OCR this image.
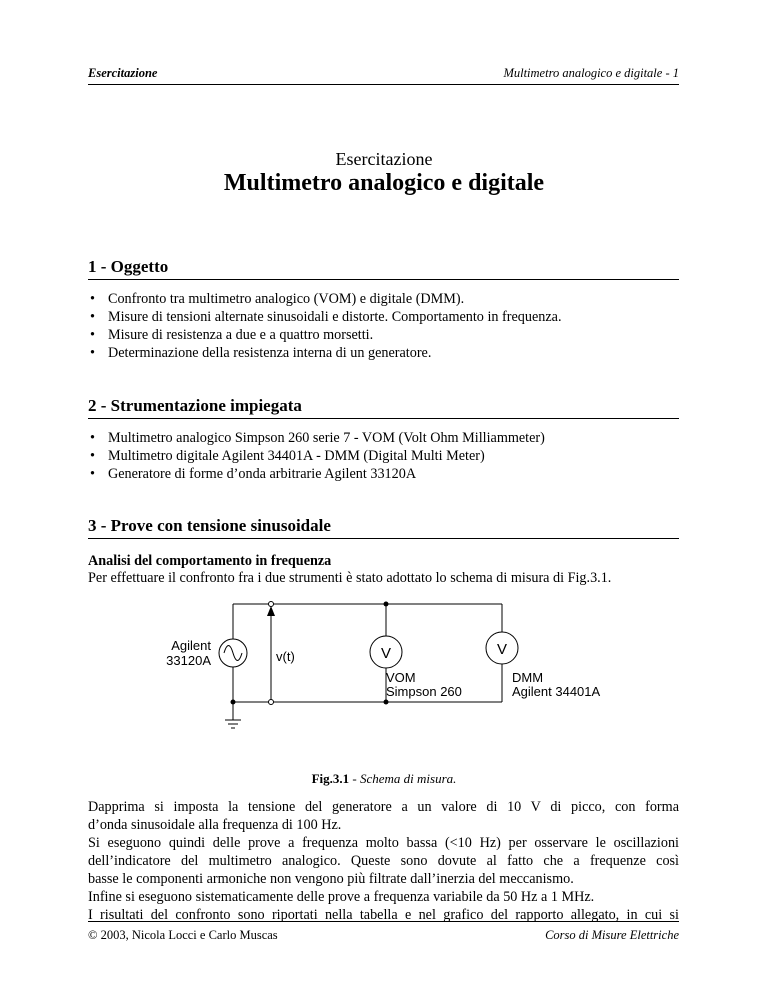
Esercitazione	Multimetro analogico e digitale - 1
Esercitazione
Multimetro analogico e digitale
1 - Oggetto
• Confronto tra multimetro analogico (VOM) e digitale (DMM).
• Misure di tensioni alternate sinusoidali e distorte. Comportamento in frequenza.
• Misure di resistenza a due e a quattro morsetti.
• Determinazione della resistenza interna di un generatore.
2 - Strumentazione impiegata
• Multimetro analogico Simpson 260 serie 7 - VOM (Volt Ohm Milliammeter)
• Multimetro digitale Agilent 34401A - DMM (Digital Multi Meter)
• Generatore di forme d’onda arbitrarie Agilent 33120A
3 - Prove con tensione sinusoidale
Analisi del comportamento in frequenza
Per effettuare il confronto fra i due strumenti è stato adottato lo schema di misura di Fig.3.1.
V	V
Agilent
33120A	v(t)
VOM
Simpson 260
DMM
Agilent 34401A
Fig.3.1 - Schema di misura.
Dapprima si imposta la tensione del generatore a un valore di 10 V di picco, con forma
d’onda sinusoidale alla frequenza di 100 Hz.
Si eseguono quindi delle prove a frequenza molto bassa (<10 Hz) per osservare le oscillazioni
dell’indicatore del multimetro analogico. Queste sono dovute al fatto che a frequenze così
basse le componenti armoniche non vengono più filtrate dall’inerzia del meccanismo.
Infine si eseguono sistematicamente delle prove a frequenza variabile da 50 Hz a 1 MHz.
© 2003, Nicola Locci e Carlo Muscas	Corso di Misure Elettriche
I risultati del confronto sono riportati nella tabella e nel grafico del rapporto allegato, in cui si
